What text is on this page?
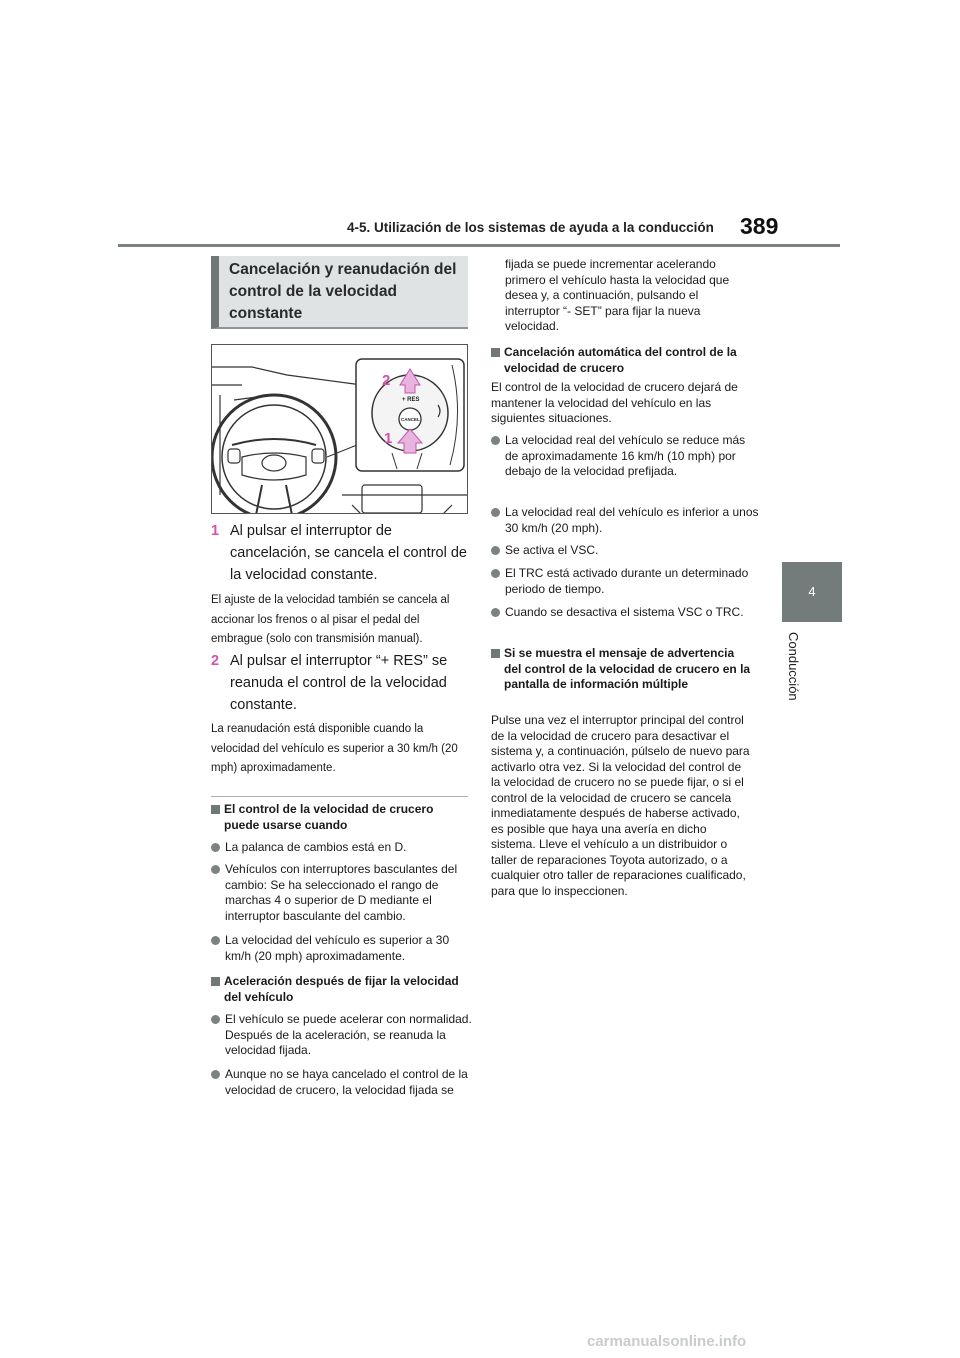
4-5. Utilización de los sistemas de ayuda a la conducción 389
4
Conducción
Cancelación y reanudación del control de la velocidad constante
2
1
+ RES
CANCEL
1 Al pulsar el interruptor de cancelación, se cancela el control de la velocidad constante.
El ajuste de la velocidad también se cancela al accionar los frenos o al pisar el pedal del embrague (solo con transmisión manual).
2 Al pulsar el interruptor “+ RES” se reanuda el control de la velocidad constante.
La reanudación está disponible cuando la velocidad del vehículo es superior a 30 km/h (20 mph) aproximadamente.
El control de la velocidad de crucero puede usarse cuando
La palanca de cambios está en D.
Vehículos con interruptores basculantes del cambio: Se ha seleccionado el rango de marchas 4 o superior de D mediante el interruptor basculante del cambio.
La velocidad del vehículo es superior a 30 km/h (20 mph) aproximadamente.
Aceleración después de fijar la velocidad del vehículo
El vehículo se puede acelerar con normalidad. Después de la aceleración, se reanuda la velocidad fijada.
Aunque no se haya cancelado el control de la velocidad de crucero, la velocidad fijada se
fijada se puede incrementar acelerando primero el vehículo hasta la velocidad que desea y, a continuación, pulsando el interruptor “- SET” para fijar la nueva velocidad.
Cancelación automática del control de la velocidad de crucero
El control de la velocidad de crucero dejará de mantener la velocidad del vehículo en las siguientes situaciones.
La velocidad real del vehículo se reduce más de aproximadamente 16 km/h (10 mph) por debajo de la velocidad prefijada.
La velocidad real del vehículo es inferior a unos 30 km/h (20 mph).
Se activa el VSC.
El TRC está activado durante un determinado periodo de tiempo.
Cuando se desactiva el sistema VSC o TRC.
Si se muestra el mensaje de advertencia del control de la velocidad de crucero en la pantalla de información múltiple
Pulse una vez el interruptor principal del control de la velocidad de crucero para desactivar el sistema y, a continuación, púlselo de nuevo para activarlo otra vez. Si la velocidad del control de la velocidad de crucero no se puede fijar, o si el control de la velocidad de crucero se cancela inmediatamente después de haberse activado, es posible que haya una avería en dicho sistema. Lleve el vehículo a un distribuidor o taller de reparaciones Toyota autorizado, o a cualquier otro taller de reparaciones cualificado, para que lo inspeccionen.
carmanualsonline.info
